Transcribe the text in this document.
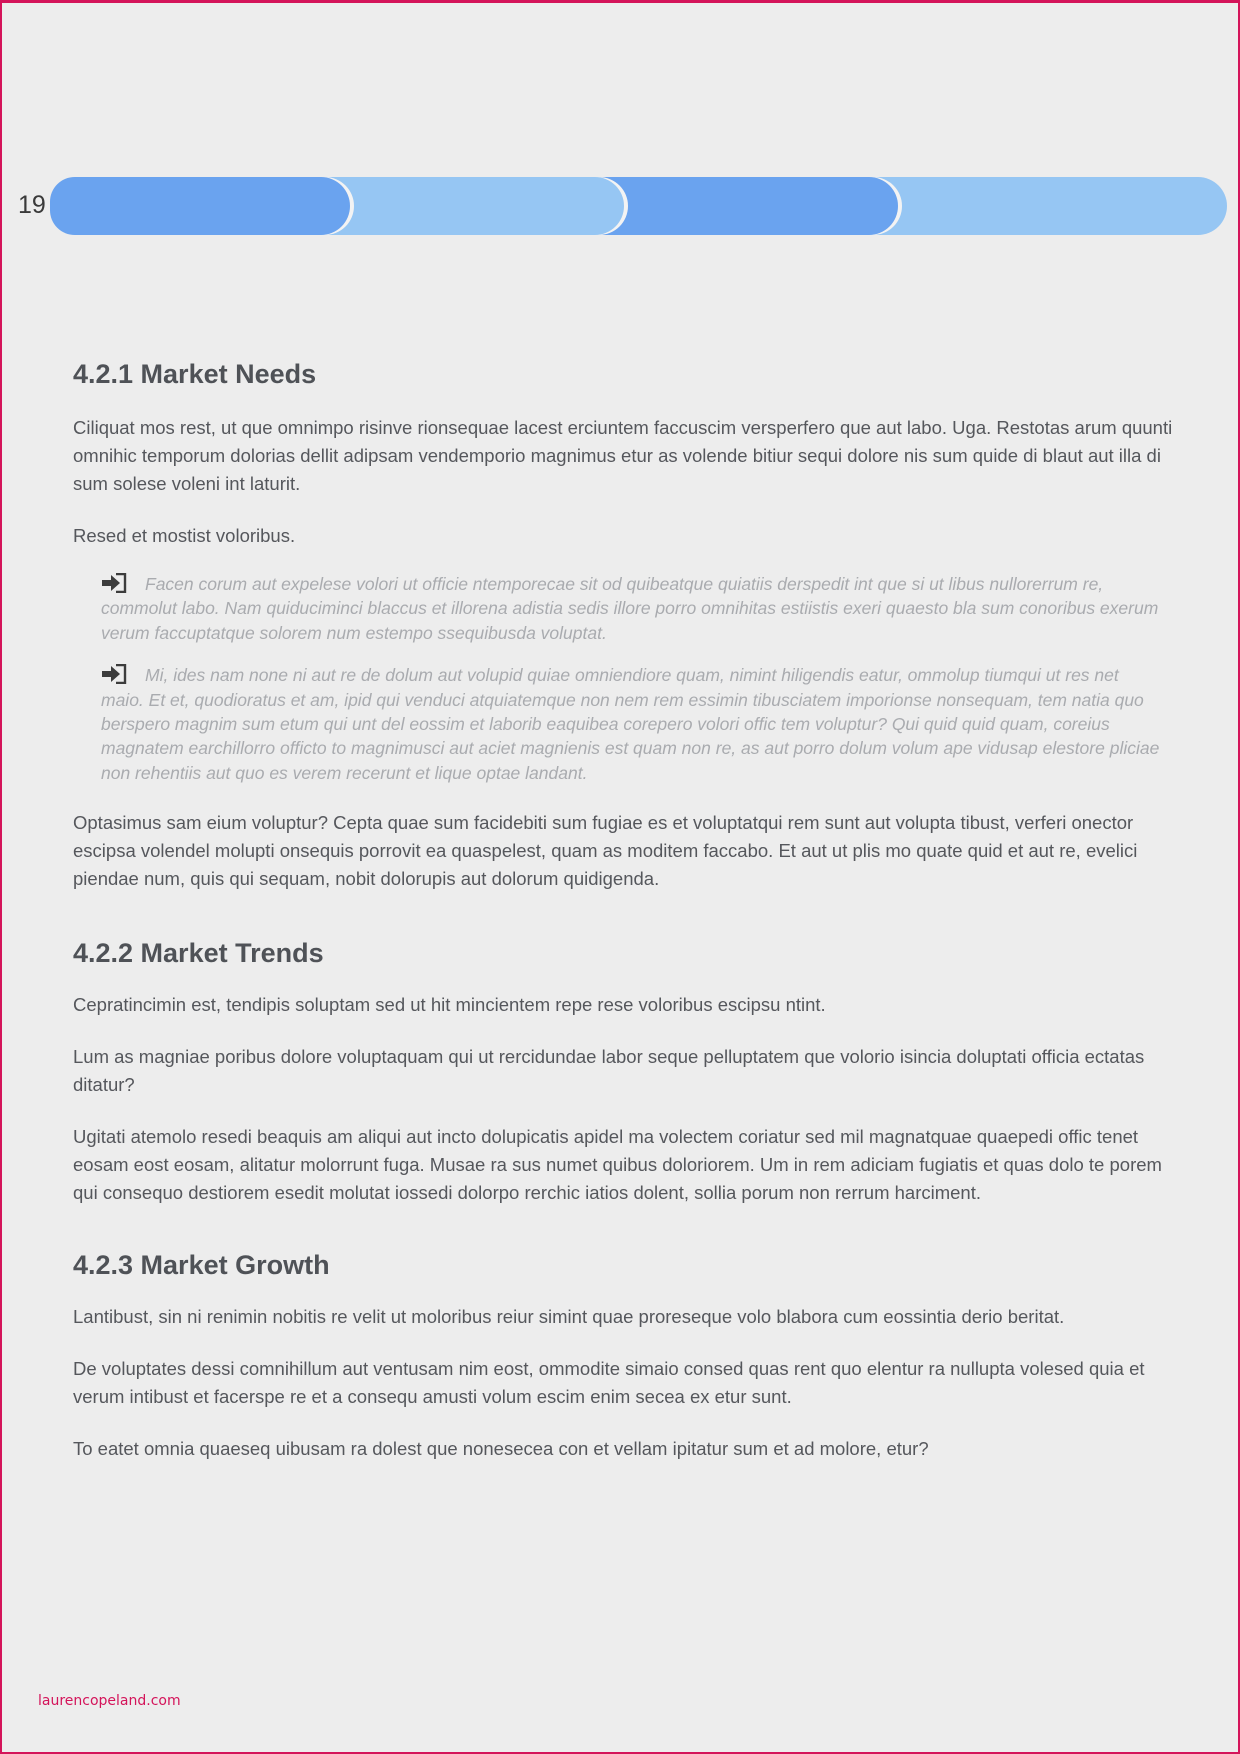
19
4.2.1 Market Needs

Ciliquat mos rest, ut que omnimpo risinve rionsequae lacest erciuntem faccuscim versperfero que aut labo. Uga. Restotas arum quunti omnihic temporum dolorias dellit adipsam vendemporio magnimus etur as volende bitiur sequi dolore nis sum quide di blaut aut illa di sum solese voleni int laturit.

Resed et mostist voloribus.

Facen corum aut expelese volori ut officie ntemporecae sit od quibeatque quiatiis derspedit int que si ut libus nullorerrum re, commolut labo. Nam quiduciminci blaccus et illorena adistia sedis illore porro omnihitas estiistis exeri quaesto bla sum conoribus exerum verum faccuptatque solorem num estempo ssequibusda voluptat.
Mi, ides nam none ni aut re de dolum aut volupid quiae omniendiore quam, nimint hiligendis eatur, ommolup tiumqui ut res net maio. Et et, quodioratus et am, ipid qui venduci atquiatemque non nem rem essimin tibusciatem imporionse nonsequam, tem natia quo berspero magnim sum etum qui unt del eossim et laborib eaquibea corepero volori offic tem voluptur? Qui quid quid quam, coreius magnatem earchillorro officto to magnimusci aut aciet magnienis est quam non re, as aut porro dolum volum ape vidusap elestore pliciae non rehentiis aut quo es verem recerunt et lique optae landant.

Optasimus sam eium voluptur? Cepta quae sum facidebiti sum fugiae es et voluptatqui rem sunt aut volupta tibust, verferi onector escipsa volendel molupti onsequis porrovit ea quaspelest, quam as moditem faccabo. Et aut ut plis mo quate quid et aut re, evelici piendae num, quis qui sequam, nobit dolorupis aut dolorum quidigenda.

4.2.2 Market Trends

Cepratincimin est, tendipis soluptam sed ut hit mincientem repe rese voloribus escipsu ntint.

Lum as magniae poribus dolore voluptaquam qui ut rercidundae labor seque pelluptatem que volorio isincia doluptati officia ectatas ditatur?

Ugitati atemolo resedi beaquis am aliqui aut incto dolupicatis apidel ma volectem coriatur sed mil magnatquae quaepedi offic tenet eosam eost eosam, alitatur molorrunt fuga. Musae ra sus numet quibus doloriorem. Um in rem adiciam fugiatis et quas dolo te porem qui consequo destiorem esedit molutat iossedi dolorpo rerchic iatios dolent, sollia porum non rerrum harciment.

4.2.3 Market Growth

Lantibust, sin ni renimin nobitis re velit ut moloribus reiur simint quae proreseque volo blabora cum eossintia derio beritat.

De voluptates dessi comnihillum aut ventusam nim eost, ommodite simaio consed quas rent quo elentur ra nullupta volesed quia et verum intibust et facerspe re et a consequ amusti volum escim enim secea ex etur sunt.

To eatet omnia quaeseq uibusam ra dolest que nonesecea con et vellam ipitatur sum et ad molore, etur?

laurencopeland.com
